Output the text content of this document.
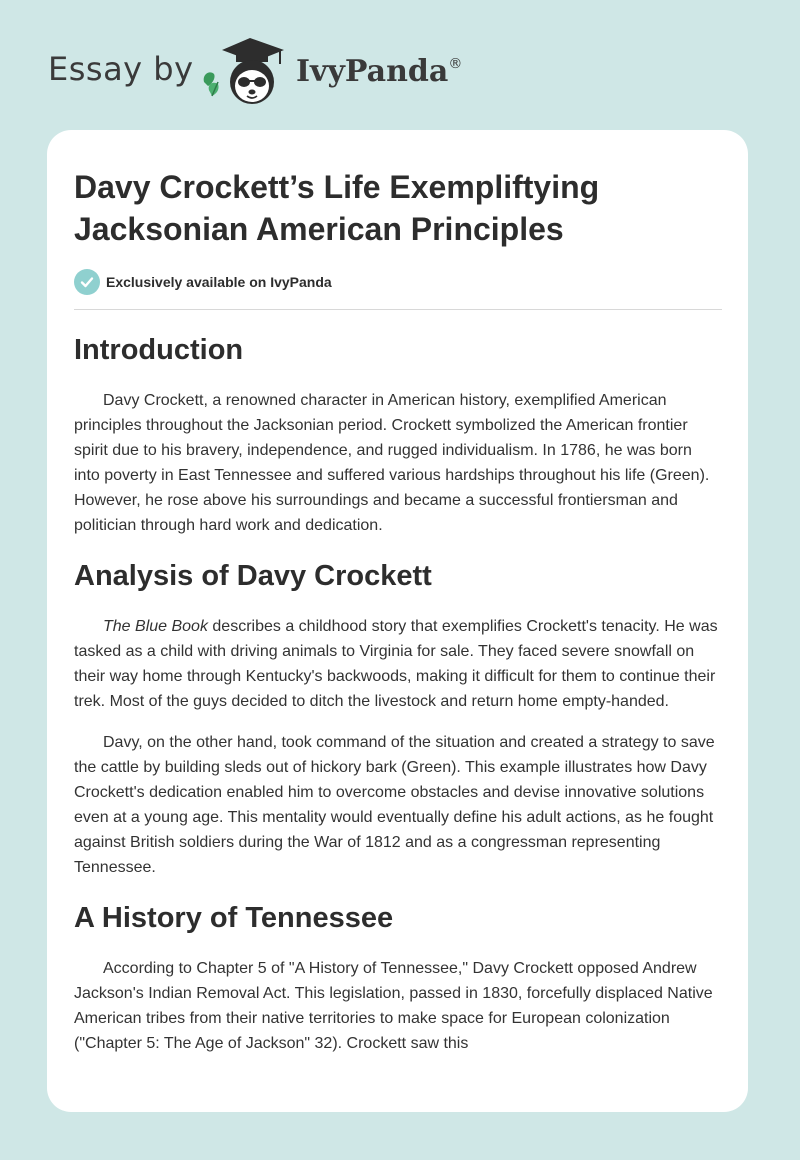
Essay by	IvyPanda®
Davy Crockett’s Life Exempliftying Jacksonian American Principles
Exclusively available on IvyPanda
Introduction

Davy Crockett, a renowned character in American history, exemplified American principles throughout the Jacksonian period. Crockett symbolized the American frontier spirit due to his bravery, independence, and rugged individualism. In 1786, he was born into poverty in East Tennessee and suffered various hardships throughout his life (Green). However, he rose above his surroundings and became a successful frontiersman and politician through hard work and dedication.

Analysis of Davy Crockett

The Blue Book describes a childhood story that exemplifies Crockett's tenacity. He was tasked as a child with driving animals to Virginia for sale. They faced severe snowfall on their way home through Kentucky's backwoods, making it difficult for them to continue their trek. Most of the guys decided to ditch the livestock and return home empty-handed.

Davy, on the other hand, took command of the situation and created a strategy to save the cattle by building sleds out of hickory bark (Green). This example illustrates how Davy Crockett's dedication enabled him to overcome obstacles and devise innovative solutions even at a young age. This mentality would eventually define his adult actions, as he fought against British soldiers during the War of 1812 and as a congressman representing Tennessee.

A History of Tennessee

According to Chapter 5 of "A History of Tennessee," Davy Crockett opposed Andrew Jackson's Indian Removal Act. This legislation, passed in 1830, forcefully displaced Native American tribes from their native territories to make space for European colonization ("Chapter 5: The Age of Jackson" 32). Crockett saw this
